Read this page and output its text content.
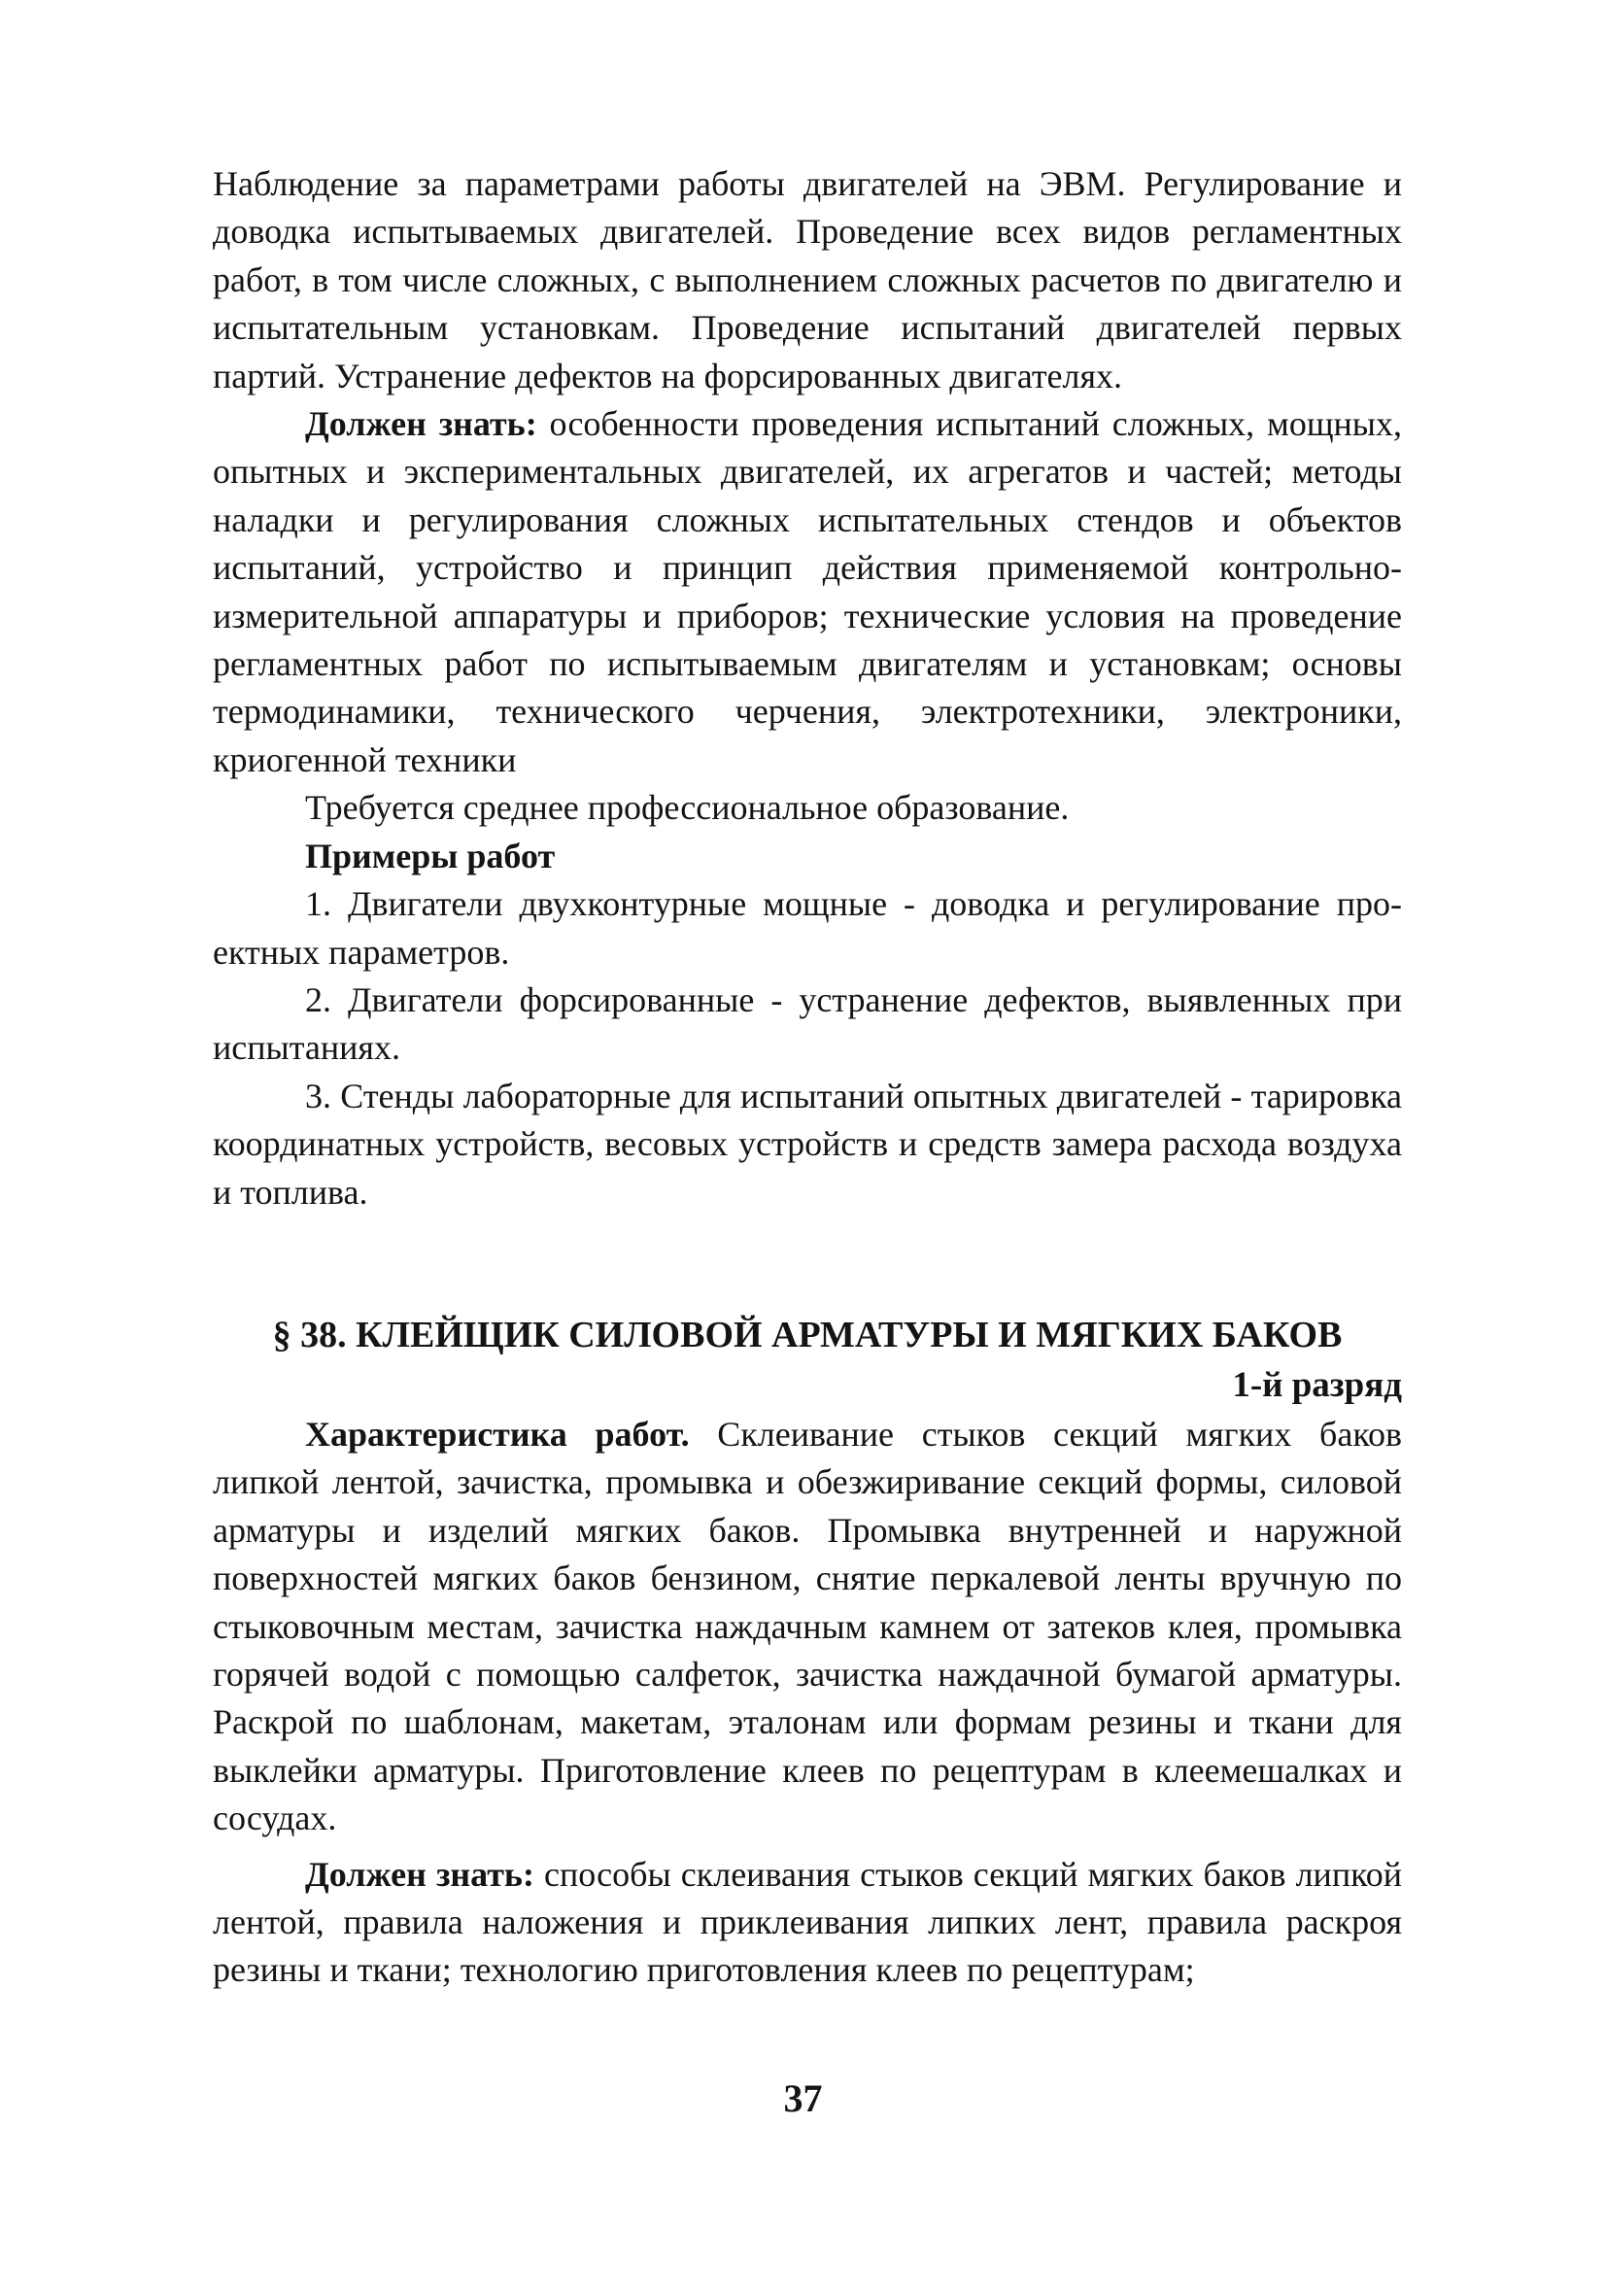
Наблюдение за параметрами работы двигателей на ЭВМ. Регулирование и доводка испытываемых двигателей. Проведение всех видов регламентных работ, в том числе сложных, с выполнением сложных расчетов по двигателю и испытательным установкам. Проведение испытаний двигателей первых партий. Устранение дефектов на форсированных двигателях.

Должен знать: особенности проведения испытаний сложных, мощных, опытных и экспериментальных двигателей, их агрегатов и частей; методы наладки и регулирования сложных испытательных стендов и объектов испытаний, устройство и принцип действия применяемой контрольно-измерительной аппаратуры и приборов; технические условия на проведение регламентных работ по испытываемым двигателям и установкам; основы термодинамики, технического черчения, электротехники, электроники, криогенной техники

Требуется среднее профессиональное образование.

Примеры работ

1. Двигатели двухконтурные мощные - доводка и регулирование проектных параметров.

2. Двигатели форсированные - устранение дефектов, выявленных при испытаниях.

3. Стенды лабораторные для испытаний опытных двигателей - тарировка координатных устройств, весовых устройств и средств замера расхода воздуха и топлива.

§ 38. КЛЕЙЩИК СИЛОВОЙ АРМАТУРЫ И МЯГКИХ БАКОВ
1-й разряд

Характеристика работ. Склеивание стыков секций мягких баков липкой лентой, зачистка, промывка и обезжиривание секций формы, силовой арматуры и изделий мягких баков. Промывка внутренней и наружной поверхностей мягких баков бензином, снятие перкалевой ленты вручную по стыковочным местам, зачистка наждачным камнем от затеков клея, промывка горячей водой с помощью салфеток, зачистка наждачной бумагой арматуры. Раскрой по шаблонам, макетам, эталонам или формам резины и ткани для выклейки арматуры. Приготовление клеев по рецептурам в клеемешалках и сосудах.

Должен знать: способы склеивания стыков секций мягких баков липкой лентой, правила наложения и приклеивания липких лент, правила раскроя резины и ткани; технологию приготовления клеев по рецептурам;

37
